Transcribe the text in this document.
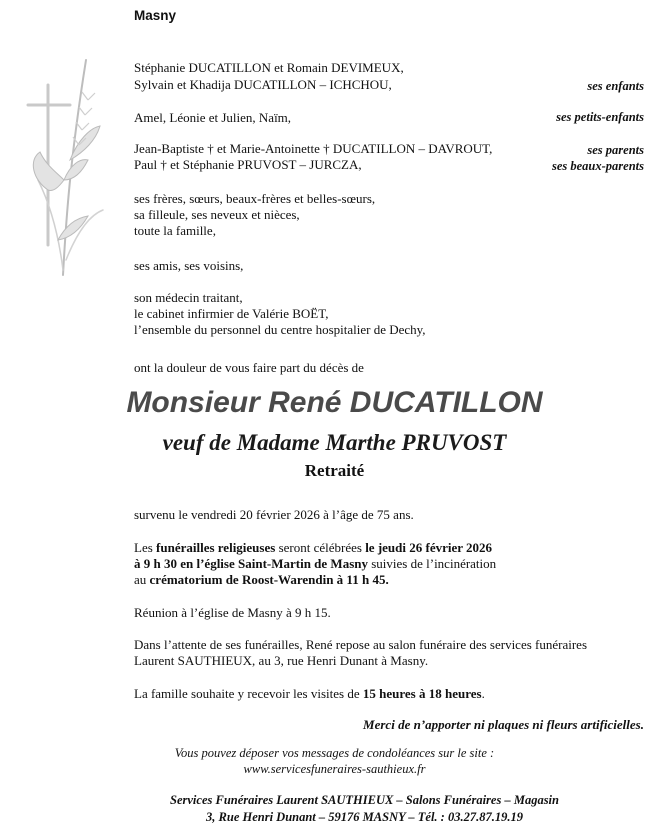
Masny
Stéphanie DUCATILLON et Romain DEVIMEUX,
Sylvain et Khadija DUCATILLON – ICHCHOU,	ses enfants
Amel, Léonie et Julien, Naïm,	ses petits-enfants
Jean-Baptiste † et Marie-Antoinette † DUCATILLON – DAVROUT,	ses parents
Paul † et Stéphanie PRUVOST – JURCZA,	ses beaux-parents
ses frères, sœurs, beaux-frères et belles-sœurs,
sa filleule, ses neveux et nièces,
toute la famille,
ses amis, ses voisins,
son médecin traitant,
le cabinet infirmier de Valérie BOËT,
l’ensemble du personnel du centre hospitalier de Dechy,
ont la douleur de vous faire part du décès de
Monsieur René DUCATILLON
veuf de Madame Marthe PRUVOST
Retraité
survenu le vendredi 20 février 2026 à l’âge de 75 ans.
Les funérailles religieuses seront célébrées le jeudi 26 février 2026
à 9 h 30 en l’église Saint-Martin de Masny suivies de l’incinération
au crématorium de Roost-Warendin à 11 h 45.
Réunion à l’église de Masny à 9 h 15.
Dans l’attente de ses funérailles, René repose au salon funéraire des services funéraires
Laurent SAUTHIEUX, au 3, rue Henri Dunant à Masny.
La famille souhaite y recevoir les visites de 15 heures à 18 heures.
Merci de n’apporter ni plaques ni fleurs artificielles.
Vous pouvez déposer vos messages de condoléances sur le site :
www.servicesfuneraires-sauthieux.fr
Services Funéraires Laurent SAUTHIEUX – Salons Funéraires – Magasin
3, Rue Henri Dunant – 59176 MASNY – Tél. : 03.27.87.19.19
